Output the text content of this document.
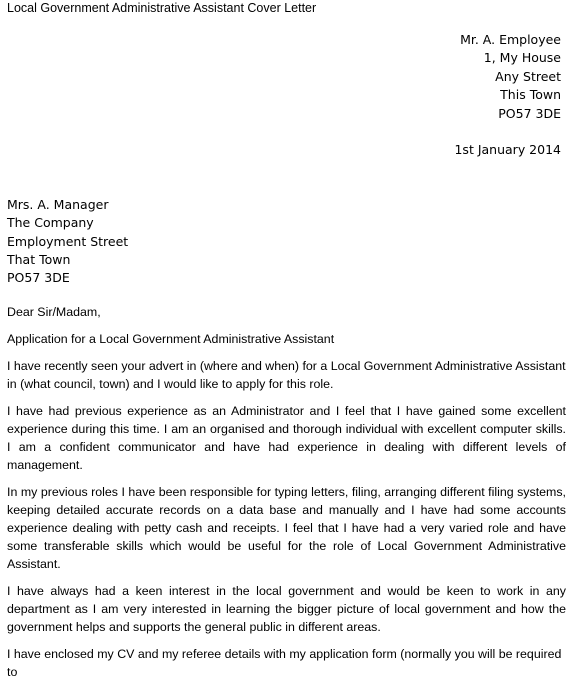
Local Government Administrative Assistant Cover Letter
Mr. A. Employee
1, My House
Any Street
This Town
PO57 3DE
1st January 2014
Mrs. A. Manager
The Company
Employment Street
That Town
PO57 3DE

Dear Sir/Madam,

Application for a Local Government Administrative Assistant

I have recently seen your advert in (where and when) for a Local Government Administrative Assistant in (what council, town) and I would like to apply for this role.

I have had previous experience as an Administrator and I feel that I have gained some excellent experience during this time. I am an organised and thorough individual with excellent computer skills. I am a confident communicator and have had experience in dealing with different levels of management.

In my previous roles I have been responsible for typing letters, filing, arranging different filing systems, keeping detailed accurate records on a data base and manually and I have had some accounts experience dealing with petty cash and receipts. I feel that I have had a very varied role and have some transferable skills which would be useful for the role of Local Government Administrative Assistant.

I have always had a keen interest in the local government and would be keen to work in any department as I am very interested in learning the bigger picture of local government and how the government helps and supports the general public in different areas.

I have enclosed my CV and my referee details with my application form (normally you will be required to
